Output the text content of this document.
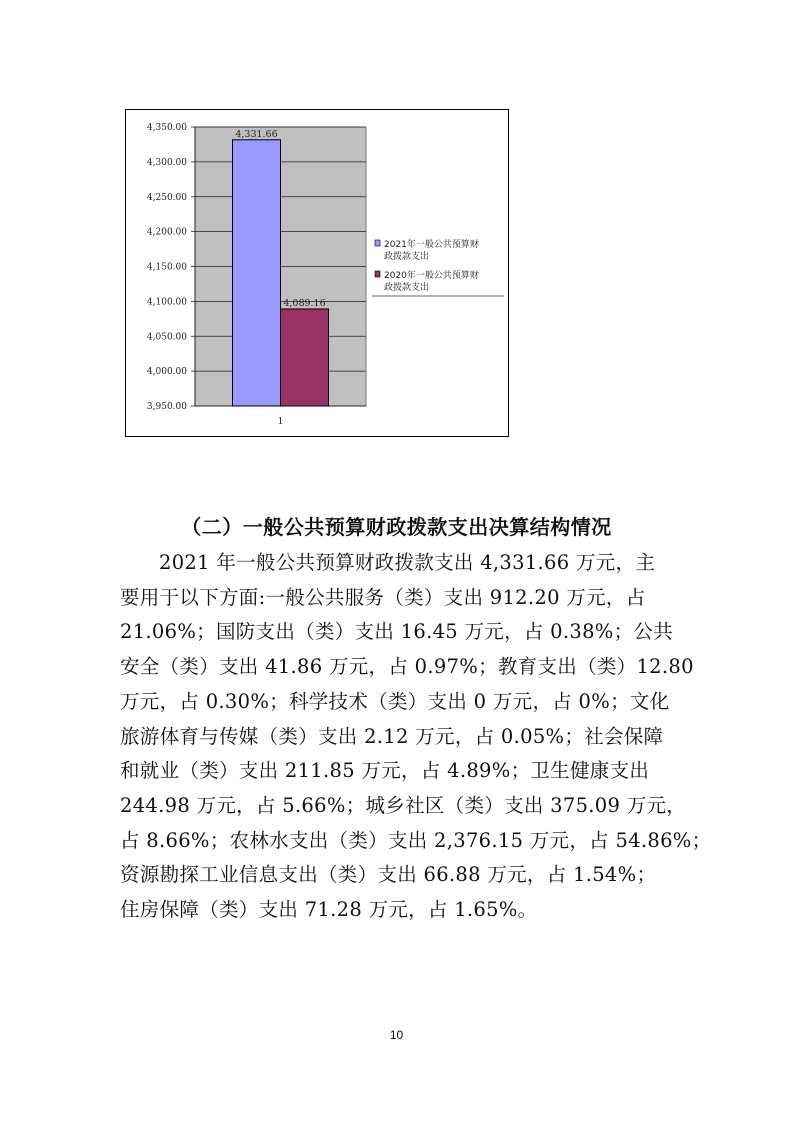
4,350.00
4,300.00
4,250.00
4,200.00
4,150.00
4,100.00
4,050.00
4,000.00
3,950.00
4,331.66
4,089.16
1
2021年一般公共预算财
政拨款支出
2020年一般公共预算财
政拨款支出
（二）一般公共预算财政拨款支出决算结构情况
2021 年一般公共预算财政拨款支出 4,331.66 万元，主
要用于以下方面:一般公共服务（类）支出 912.20 万元，占
21.06%；国防支出（类）支出 16.45 万元，占 0.38%；公共
安全（类）支出 41.86 万元，占 0.97%；教育支出（类）12.80
万元，占 0.30%；科学技术（类）支出 0 万元，占 0%；文化
旅游体育与传媒（类）支出 2.12 万元，占 0.05%；社会保障
和就业（类）支出 211.85 万元，占 4.89%；卫生健康支出
244.98 万元，占 5.66%；城乡社区（类）支出 375.09 万元，
占 8.66%；农林水支出（类）支出 2,376.15 万元，占 54.86%；
资源勘探工业信息支出（类）支出 66.88 万元，占 1.54%；
住房保障（类）支出 71.28 万元，占 1.65%。
10
